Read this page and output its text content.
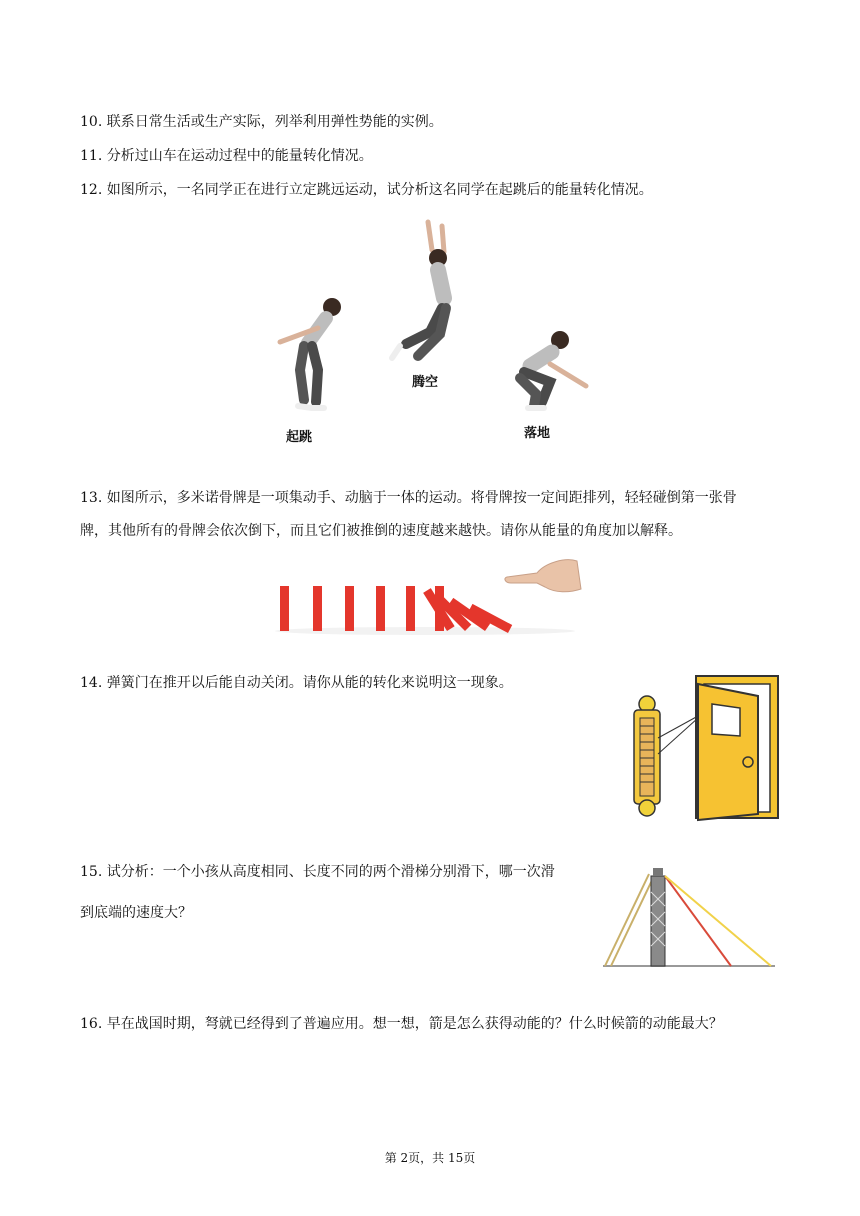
10. 联系日常生活或生产实际，列举利用弹性势能的实例。
11. 分析过山车在运动过程中的能量转化情况。
12. 如图所示，一名同学正在进行立定跳远运动，试分析这名同学在起跳后的能量转化情况。
起跳
腾空
落地
13. 如图所示，多米诺骨牌是一项集动手、动脑于一体的运动。将骨牌按一定间距排列，轻轻碰倒第一张骨
牌，其他所有的骨牌会依次倒下，而且它们被推倒的速度越来越快。请你从能量的角度加以解释。
14. 弹簧门在推开以后能自动关闭。请你从能的转化来说明这一现象。
15. 试分析：一个小孩从高度相同、长度不同的两个滑梯分别滑下，哪一次滑
到底端的速度大？
16. 早在战国时期，弩就已经得到了普遍应用。想一想，箭是怎么获得动能的？什么时候箭的动能最大？
第 2页，共 15页
